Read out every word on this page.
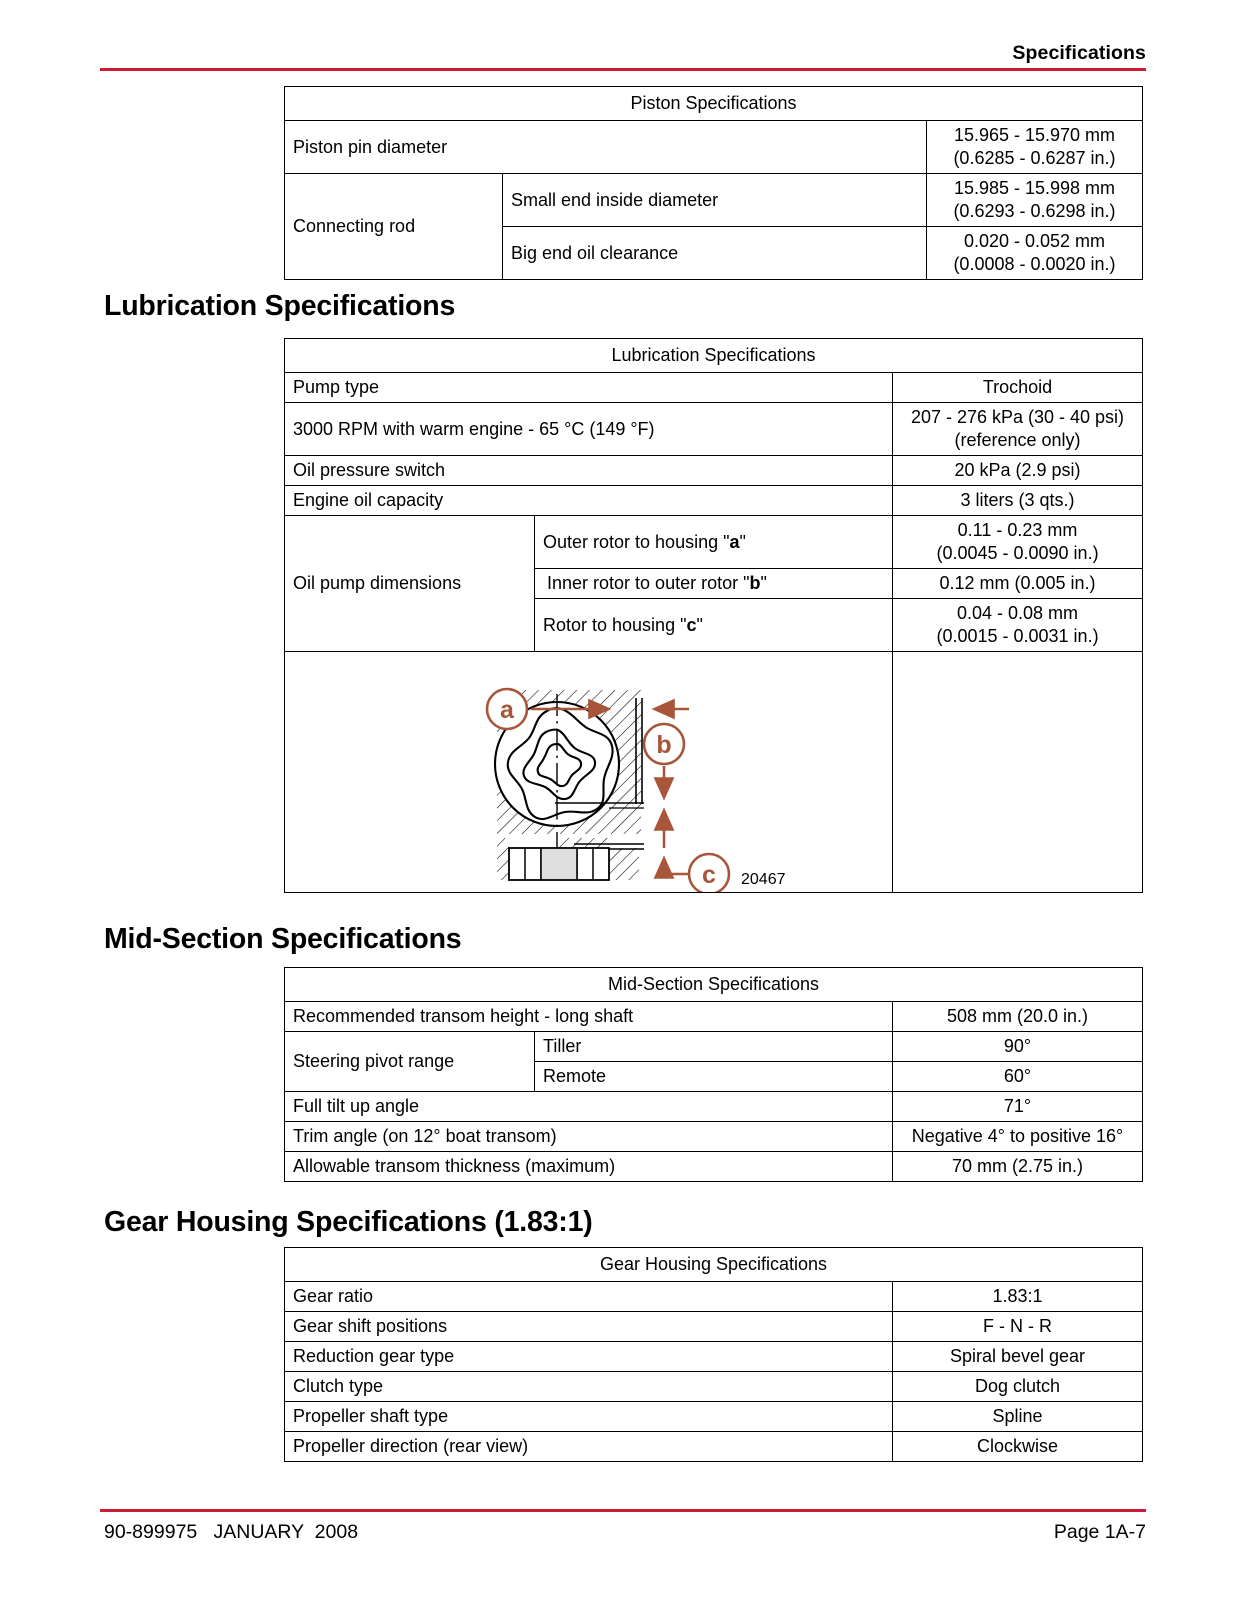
Specifications
Piston Specifications		
Piston pin diameter		15.965 - 15.970 mm
(0.6285 - 0.6287 in.)
Connecting rod	Small end inside diameter	15.985 - 15.998 mm
(0.6293 - 0.6298 in.)
	Big end oil clearance	0.020 - 0.052 mm
(0.0008 - 0.0020 in.)
Lubrication Specifications
Lubrication Specifications		
Pump type		Trochoid
3000 RPM with warm engine - 65 °C (149 °F)		207 - 276 kPa (30 - 40 psi)
(reference only)
Oil pressure switch		20 kPa (2.9 psi)
Engine oil capacity		3 liters (3 qts.)
Oil pump dimensions	Outer rotor to housing "a"	0.11 - 0.23 mm
(0.0045 - 0.0090 in.)
	Inner rotor to outer rotor "b"	0.12 mm (0.005 in.)
	Rotor to housing "c"	0.04 - 0.08 mm
(0.0015 - 0.0031 in.)

a
b
c 20467		

Mid-Section Specifications
Mid-Section Specifications		
Recommended transom height - long shaft		508 mm (20.0 in.)
Steering pivot range	Tiller	90°
	Remote	60°
Full tilt up angle		71°
Trim angle (on 12° boat transom)		Negative 4° to positive 16°
Allowable transom thickness (maximum)		70 mm (2.75 in.)
Gear Housing Specifications (1.83:1)
Gear Housing Specifications	
Gear ratio	1.83:1
Gear shift positions	F - N - R
Reduction gear type	Spiral bevel gear
Clutch type	Dog clutch
Propeller shaft type	Spline
Propeller direction (rear view)	Clockwise
90-899975   JANUARY  2008	Page 1A-7
